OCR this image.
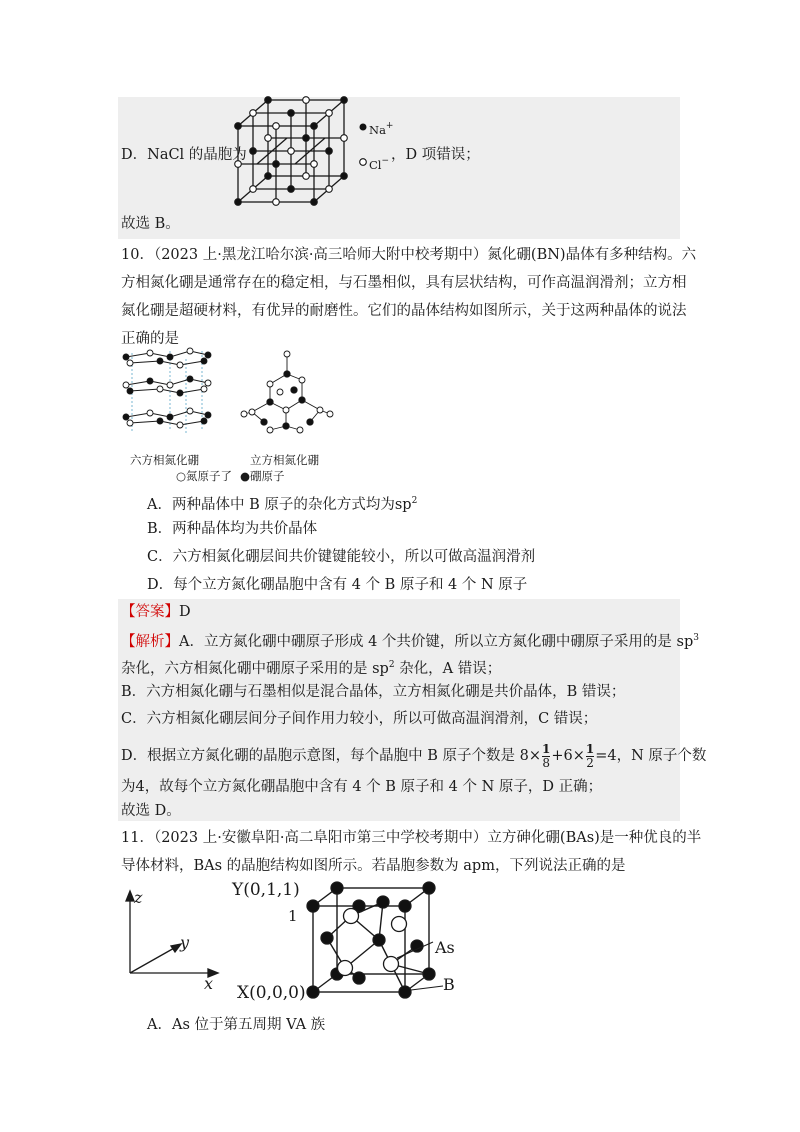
Na+
Cl−
D．NaCl 的晶胞为	，D 项错误；
故选 B。
10．（2023 上·黑龙江哈尔滨·高三哈师大附中校考期中）氮化硼(BN)晶体有多种结构。六
方相氮化硼是通常存在的稳定相，与石墨相似，具有层状结构，可作高温润滑剂；立方相
氮化硼是超硬材料，有优异的耐磨性。它们的晶体结构如图所示，关于这两种晶体的说法
正确的是
六方相氮化硼	立方相氮化硼
○氮原子了 ●硼原子
A．两种晶体中 B 原子的杂化方式均为$sp^2$
B．两种晶体均为共价晶体
C．六方相氮化硼层间共价键键能较小，所以可做高温润滑剂
D．每个立方氮化硼晶胞中含有 4 个 B 原子和 4 个 N 原子
【答案】D
【解析】A．立方氮化硼中硼原子形成 4 个共价键，所以立方氮化硼中硼原子采用的是 $sp^3$
杂化，六方相氮化硼中硼原子采用的是 $sp^2$ 杂化，A 错误；
B．六方相氮化硼与石墨相似是混合晶体，立方相氮化硼是共价晶体，B 错误；
C．六方相氮化硼层间分子间作用力较小，所以可做高温润滑剂，C 错误；
D．根据立方氮化硼的晶胞示意图，每个晶胞中 B 原子个数是 $8\times \frac{1}{8} +6\times \frac{1}{2} =4$，N 原子个数
为4，故每个立方氮化硼晶胞中含有 4 个 B 原子和 4 个 N 原子，D 正确；
故选 D。
11．（2023 上·安徽阜阳·高二阜阳市第三中学校考期中）立方砷化硼(BAs)是一种优良的半
导体材料，BAs 的晶胞结构如图所示。若晶胞参数为 apm，下列说法正确的是
z
y
x
Y(0,1,1)
1
X(0,0,0)
As
B
A．As 位于第五周期 VA 族
